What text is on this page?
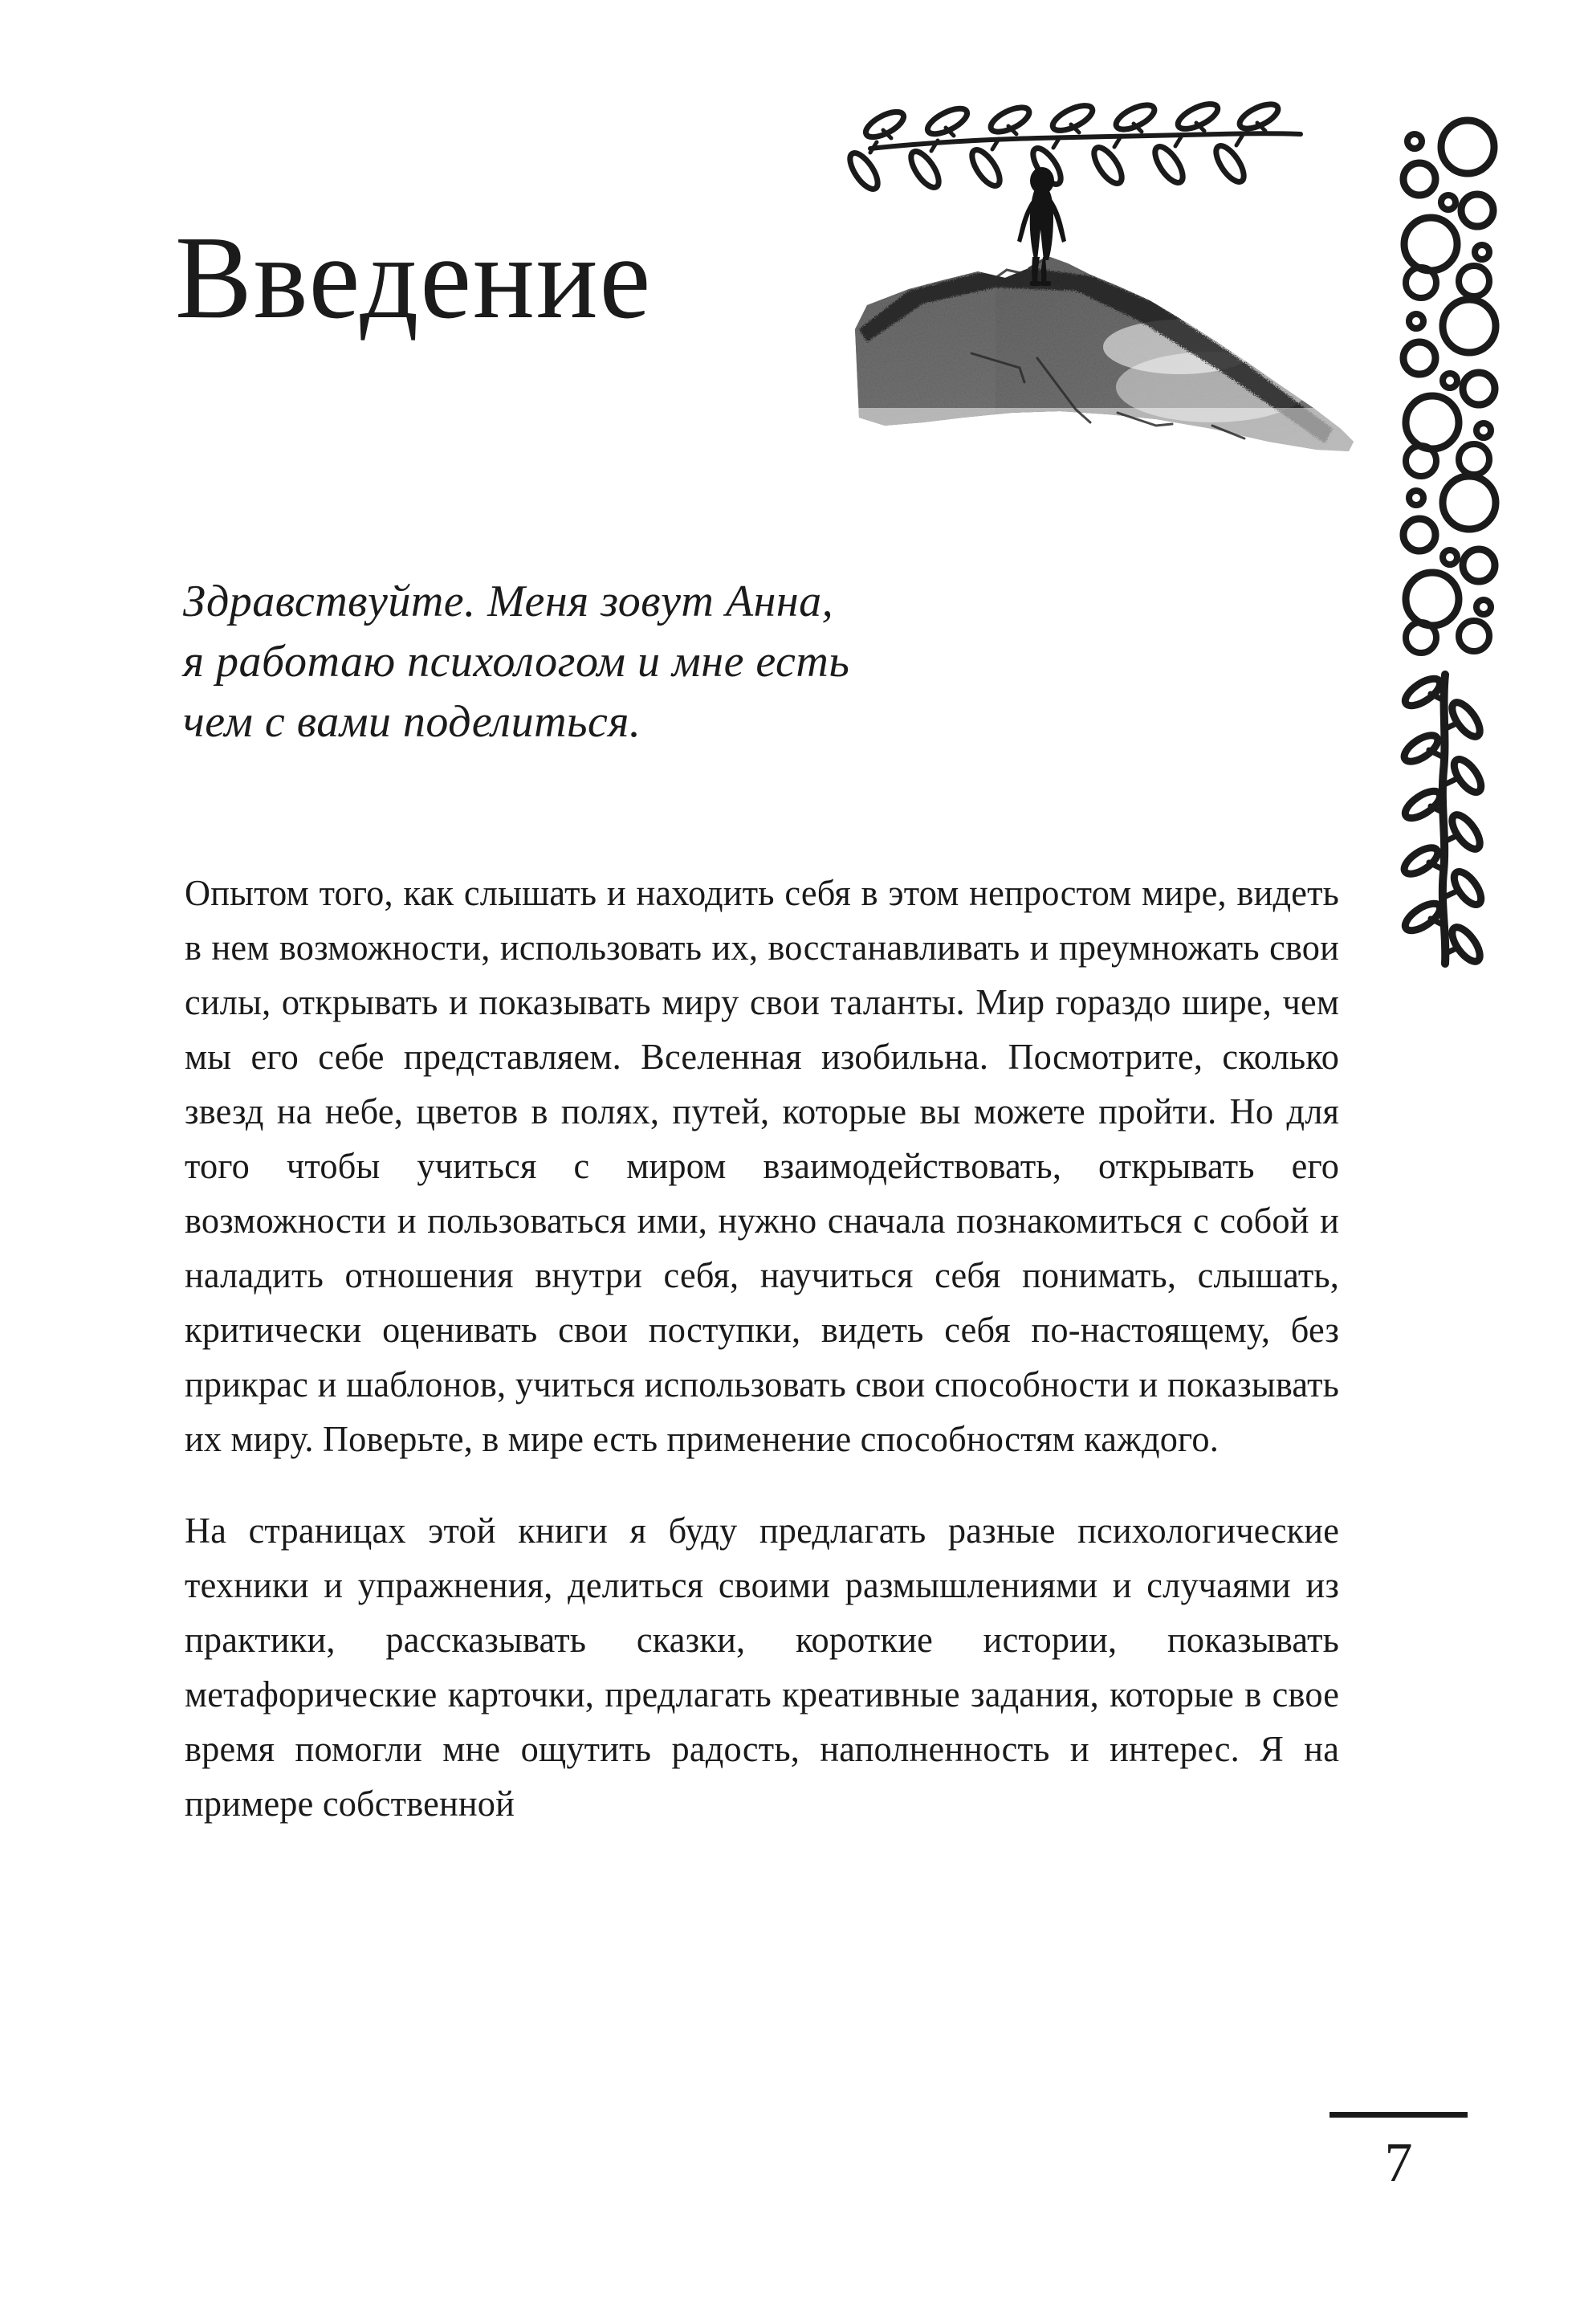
Введение
Здравствуйте. Меня зовут Анна,
я работаю психологом и мне есть
чем с вами поделиться.

Опытом того, как слышать и находить себя в этом непростом мире, видеть в нем возможности, использовать их, восстанавливать и преумножать свои силы, открывать и показывать миру свои таланты. Мир гораздо шире, чем мы его себе представляем. Вселенная изобильна. Посмотрите, сколько звезд на небе, цветов в полях, путей, которые вы можете пройти. Но для того чтобы учиться с миром взаимодействовать, открывать его возможности и пользоваться ими, нужно сначала познакомиться с собой и наладить отношения внутри себя, научиться себя понимать, слышать, критически оценивать свои поступки, видеть себя по-настоящему, без прикрас и шаблонов, учиться использовать свои способности и показывать их миру. Поверьте, в мире есть применение способностям каждого.

На страницах этой книги я буду предлагать разные психологические техники и упражнения, делиться своими размышлениями и случаями из практики, рассказывать сказки, короткие истории, показывать метафорические карточки, предлагать креативные задания, которые в свое время помогли мне ощутить радость, наполненность и интерес. Я на примере собственной

7
